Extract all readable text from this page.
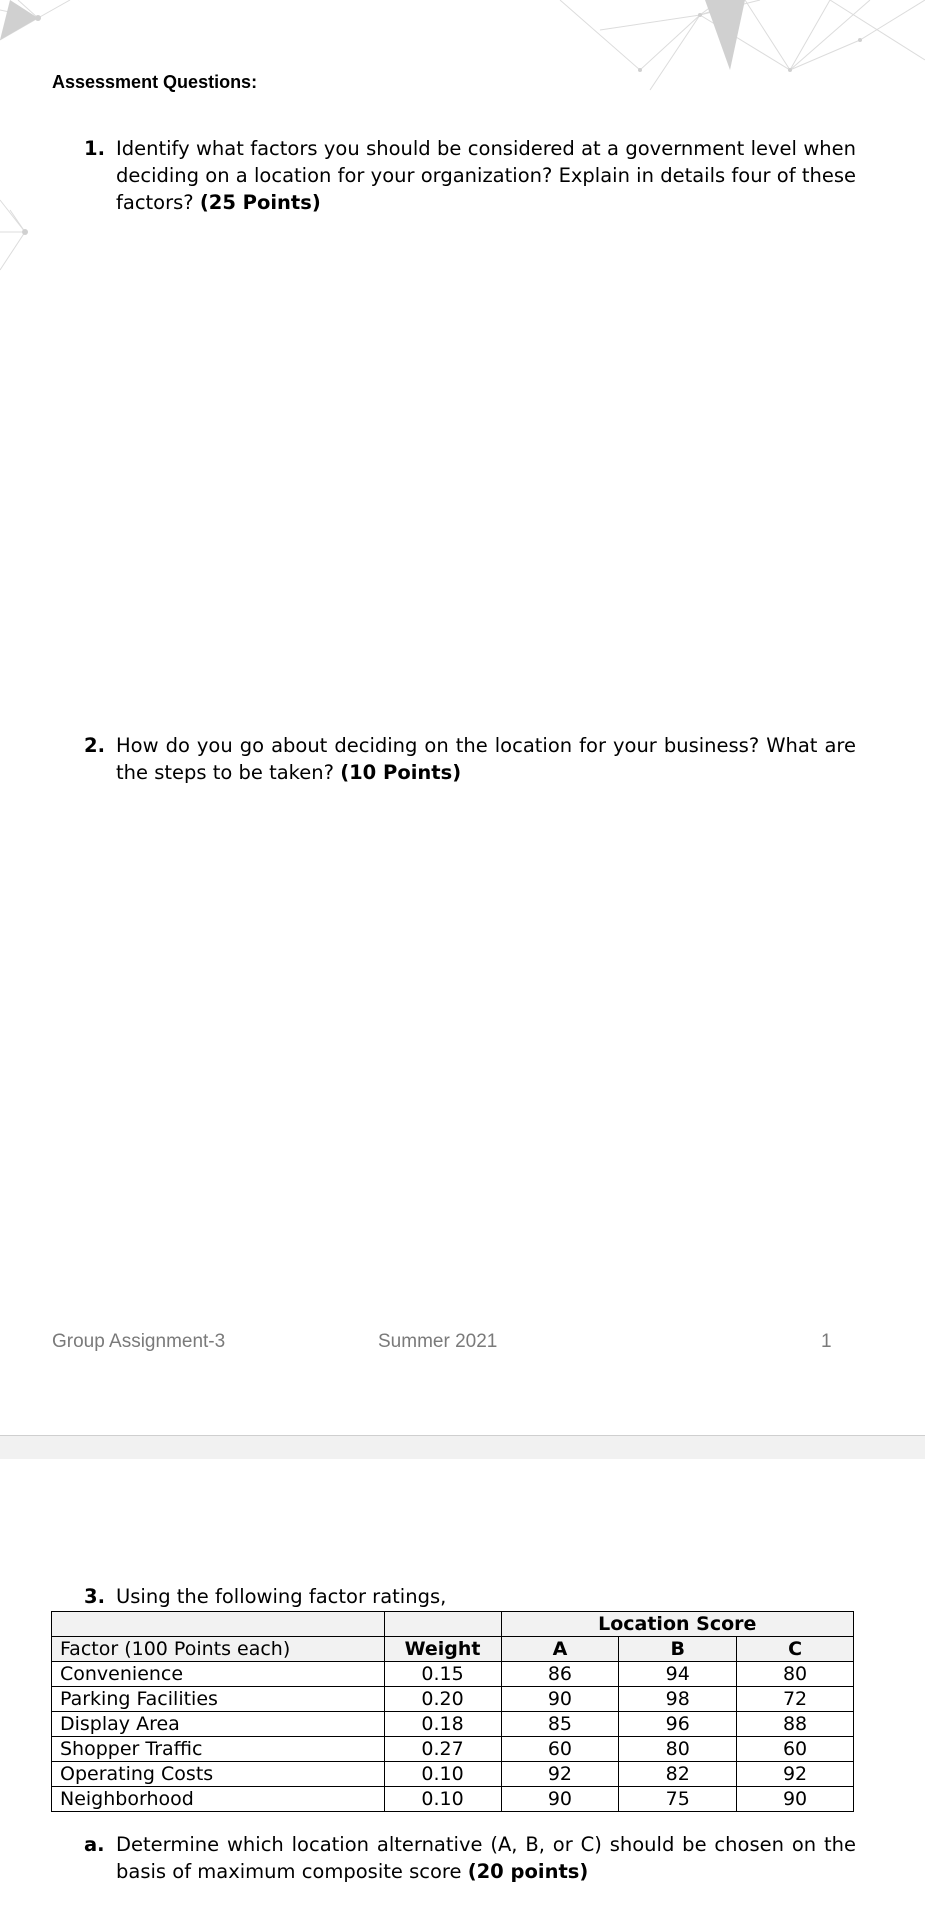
Assessment Questions:
1. Identify what factors you should be considered at a government level when deciding on a location for your organization? Explain in details four of these factors? (25 Points)
2. How do you go about deciding on the location for your business? What are the steps to be taken? (10 Points)
Group Assignment-3	Summer 2021	1
3. Using the following factor ratings,
		Location Score		
Factor (100 Points each)	Weight	A	B	C
Convenience	0.15	86	94	80
Parking Facilities	0.20	90	98	72
Display Area	0.18	85	96	88
Shopper Traffic	0.27	60	80	60
Operating Costs	0.10	92	82	92
Neighborhood	0.10	90	75	90
a. Determine which location alternative (A, B, or C) should be chosen on the basis of maximum composite score (20 points)
